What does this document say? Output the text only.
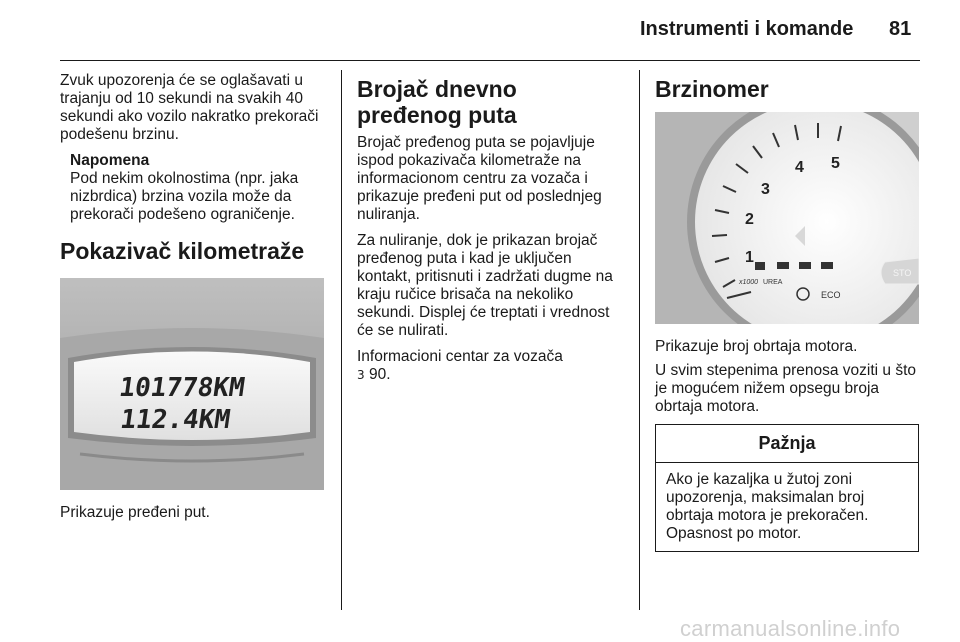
Instrumenti i komande 81

Zvuk upozorenja će se oglašavati u trajanju od 10 sekundi na svakih 40 sekundi ako vozilo nakratko prekorači podešenu brzinu.

Napomena

Pod nekim okolnostima (npr. jaka nizbrdica) brzina vozila može da prekorači podešeno ograničenje.

Pokazivač kilometraže
101778KM
112.4KM

Prikazuje pređeni put.

Brojač dnevno pređenog puta

Brojač pređenog puta se pojavljuje ispod pokazivača kilometraže na informacionom centru za vozača i prikazuje pređeni put od poslednjeg nuliranja.

Za nuliranje, dok je prikazan brojač pređenog puta i kad je uključen kontakt, pritisnuti i zadržati dugme na kraju ručice brisača na nekoliko sekundi. Displej će treptati i vrednost će se nulirati.

Informacioni centar za vozača
3 90.

Brzinomer
1
2
3
4 5
x1000 UREA
ECO
STO

Prikazuje broj obrtaja motora.

U svim stepenima prenosa voziti u što je mogućem nižem opsegu broja obrtaja motora.

Pažnja

Ako je kazaljka u žutoj zoni upozorenja, maksimalan broj obrtaja motora je prekoračen. Opasnost po motor.

carmanualsonline.info
